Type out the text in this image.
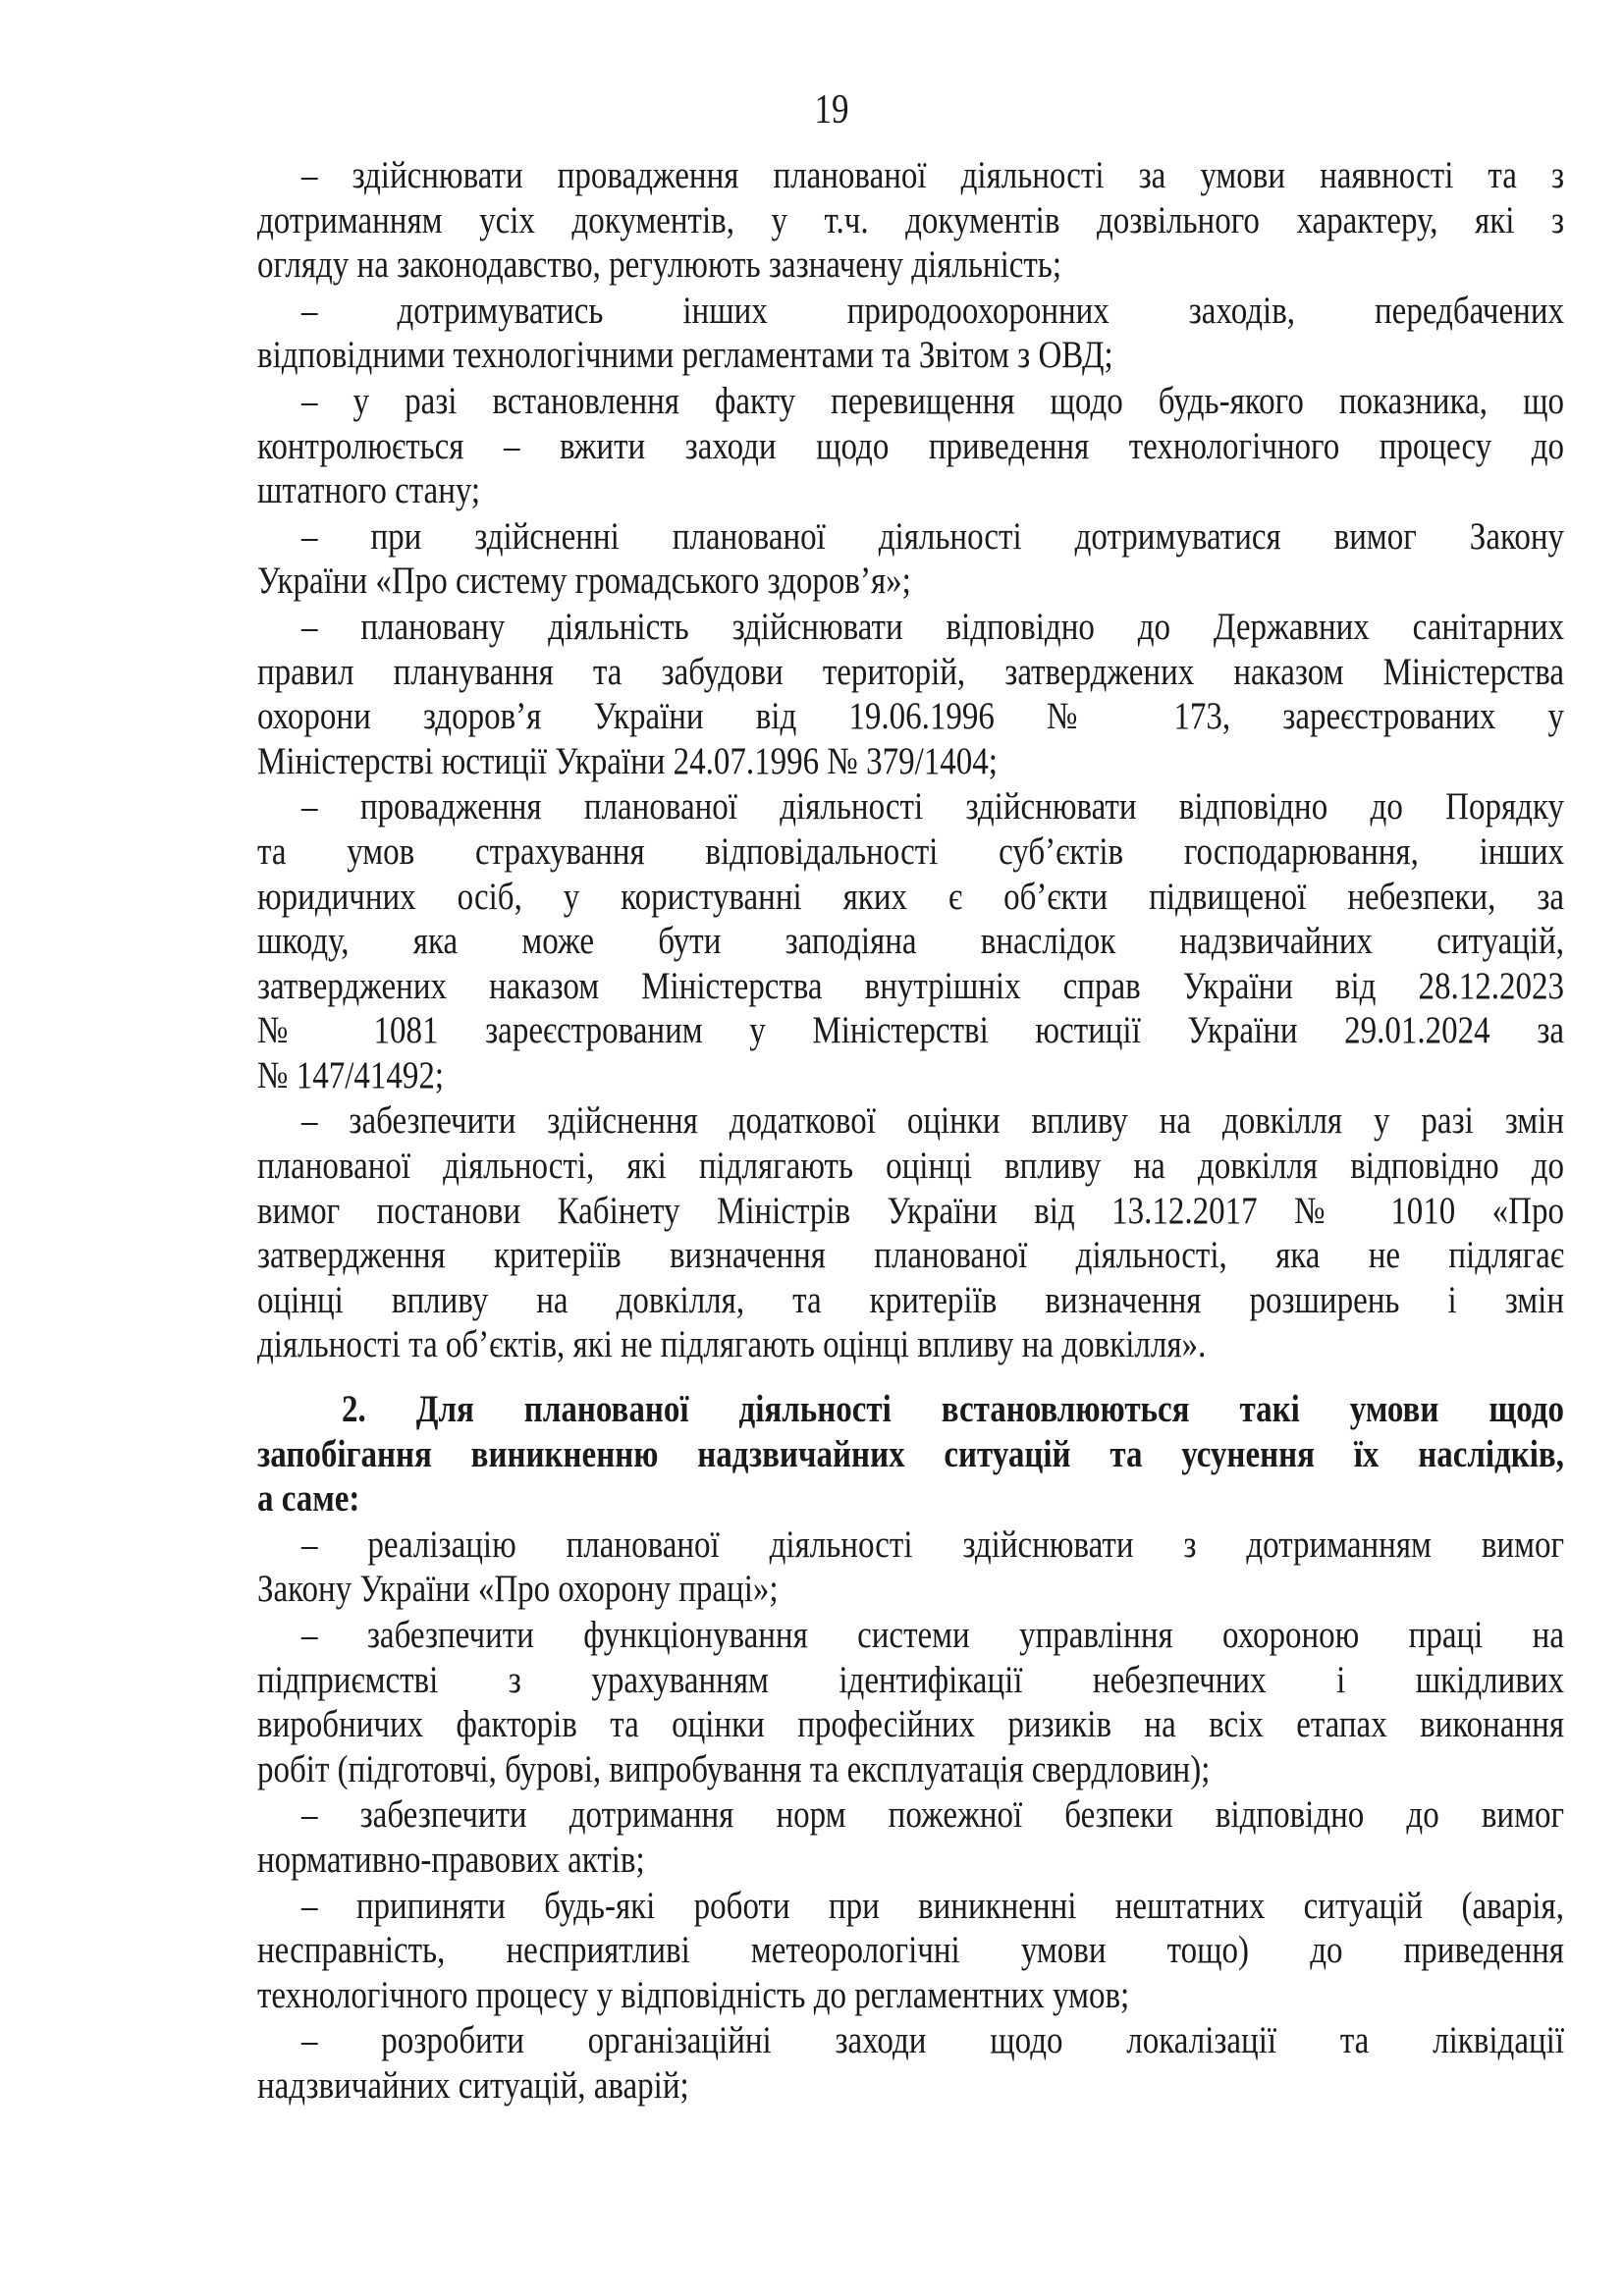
19
– здійснювати провадження планованої діяльності за умови наявності та з
дотриманням усіх документів, у т.ч. документів дозвільного характеру, які з
огляду на законодавство, регулюють зазначену діяльність;
– дотримуватись інших природоохоронних заходів, передбачених
відповідними технологічними регламентами та Звітом з ОВД;
– у разі встановлення факту перевищення щодо будь-якого показника, що
контролюється – вжити заходи щодо приведення технологічного процесу до
штатного стану;
– при здійсненні планованої діяльності дотримуватися вимог Закону
України «Про систему громадського здоров’я»;
– плановану діяльність здійснювати відповідно до Державних санітарних
правил планування та забудови територій, затверджених наказом Міністерства
охорони здоров’я України від 19.06.1996 № 173, зареєстрованих у
Міністерстві юстиції України 24.07.1996 № 379/1404;
– провадження планованої діяльності здійснювати відповідно до Порядку
та умов страхування відповідальності суб’єктів господарювання, інших
юридичних осіб, у користуванні яких є об’єкти підвищеної небезпеки, за
шкоду, яка може бути заподіяна внаслідок надзвичайних ситуацій,
затверджених наказом Міністерства внутрішніх справ України від 28.12.2023
№ 1081 зареєстрованим у Міністерстві юстиції України 29.01.2024 за
№ 147/41492;
– забезпечити здійснення додаткової оцінки впливу на довкілля у разі змін
планованої діяльності, які підлягають оцінці впливу на довкілля відповідно до
вимог постанови Кабінету Міністрів України від 13.12.2017 № 1010 «Про
затвердження критеріїв визначення планованої діяльності, яка не підлягає
оцінці впливу на довкілля, та критеріїв визначення розширень і змін
діяльності та об’єктів, які не підлягають оцінці впливу на довкілля».
2. Для планованої діяльності встановлюються такі умови щодо
запобігання виникненню надзвичайних ситуацій та усунення їх наслідків,
а саме:
– реалізацію планованої діяльності здійснювати з дотриманням вимог
Закону України «Про охорону праці»;
– забезпечити функціонування системи управління охороною праці на
підприємстві з урахуванням ідентифікації небезпечних і шкідливих
виробничих факторів та оцінки професійних ризиків на всіх етапах виконання
робіт (підготовчі, бурові, випробування та експлуатація свердловин);
– забезпечити дотримання норм пожежної безпеки відповідно до вимог
нормативно-правових актів;
– припиняти будь-які роботи при виникненні нештатних ситуацій (аварія,
несправність, несприятливі метеорологічні умови тощо) до приведення
технологічного процесу у відповідність до регламентних умов;
– розробити організаційні заходи щодо локалізації та ліквідації
надзвичайних ситуацій, аварій;
